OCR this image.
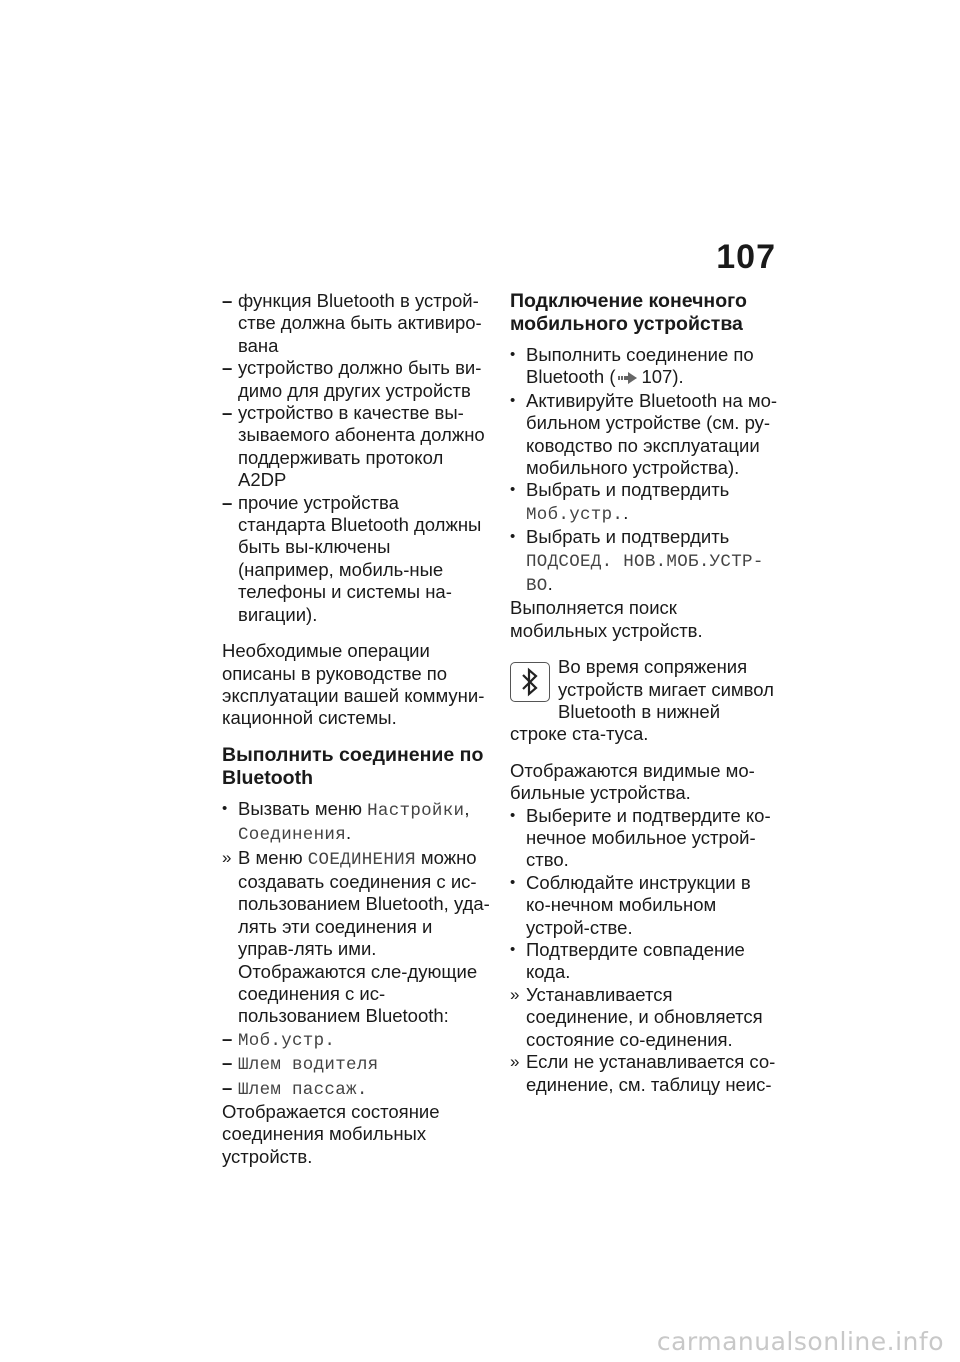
107
– функция Bluetooth в устрой-стве должна быть активиро-вана
– устройство должно быть ви-димо для других устройств
– устройство в качестве вы-зываемого абонента должно поддерживать протокол A2DP
– прочие устройства стандарта Bluetooth должны быть вы-ключены (например, мобиль-ные телефоны и системы на-вигации).
Необходимые операции описаны в руководстве по эксплуатации вашей коммуни-кационной системы.
Выполнить соединение по Bluetooth
• Вызвать меню Настройки, Соединения.
» В меню СОЕДИНЕНИЯ можно создавать соединения с ис-пользованием Bluetooth, уда-лять эти соединения и управ-лять ими. Отображаются сле-дующие соединения с ис-пользованием Bluetooth:
– Моб.устр.
– Шлем водителя
– Шлем пассаж.
Отображается состояние соединения мобильных устройств.
Подключение конечного мобильного устройства
• Выполнить соединение по Bluetooth ( 107).
• Активируйте Bluetooth на мо-бильном устройстве (см. ру-ководство по эксплуатации мобильного устройства).
• Выбрать и подтвердить
Моб.устр..
• Выбрать и подтвердить
ПОДСОЕД. НОВ.МОБ.УСТР-ВО.
Выполняется поиск мобильных устройств.
Во время сопряжения устройств мигает символ Bluetooth в нижней строке ста-туса.
Отображаются видимые мо-бильные устройства.
• Выберите и подтвердите ко-нечное мобильное устрой-ство.
• Соблюдайте инструкции в ко-нечном мобильном устрой-стве.
• Подтвердите совпадение кода.
» Устанавливается соединение, и обновляется состояние со-единения.
» Если не устанавливается со-единение, см. таблицу неис-
carmanualsonline.info
